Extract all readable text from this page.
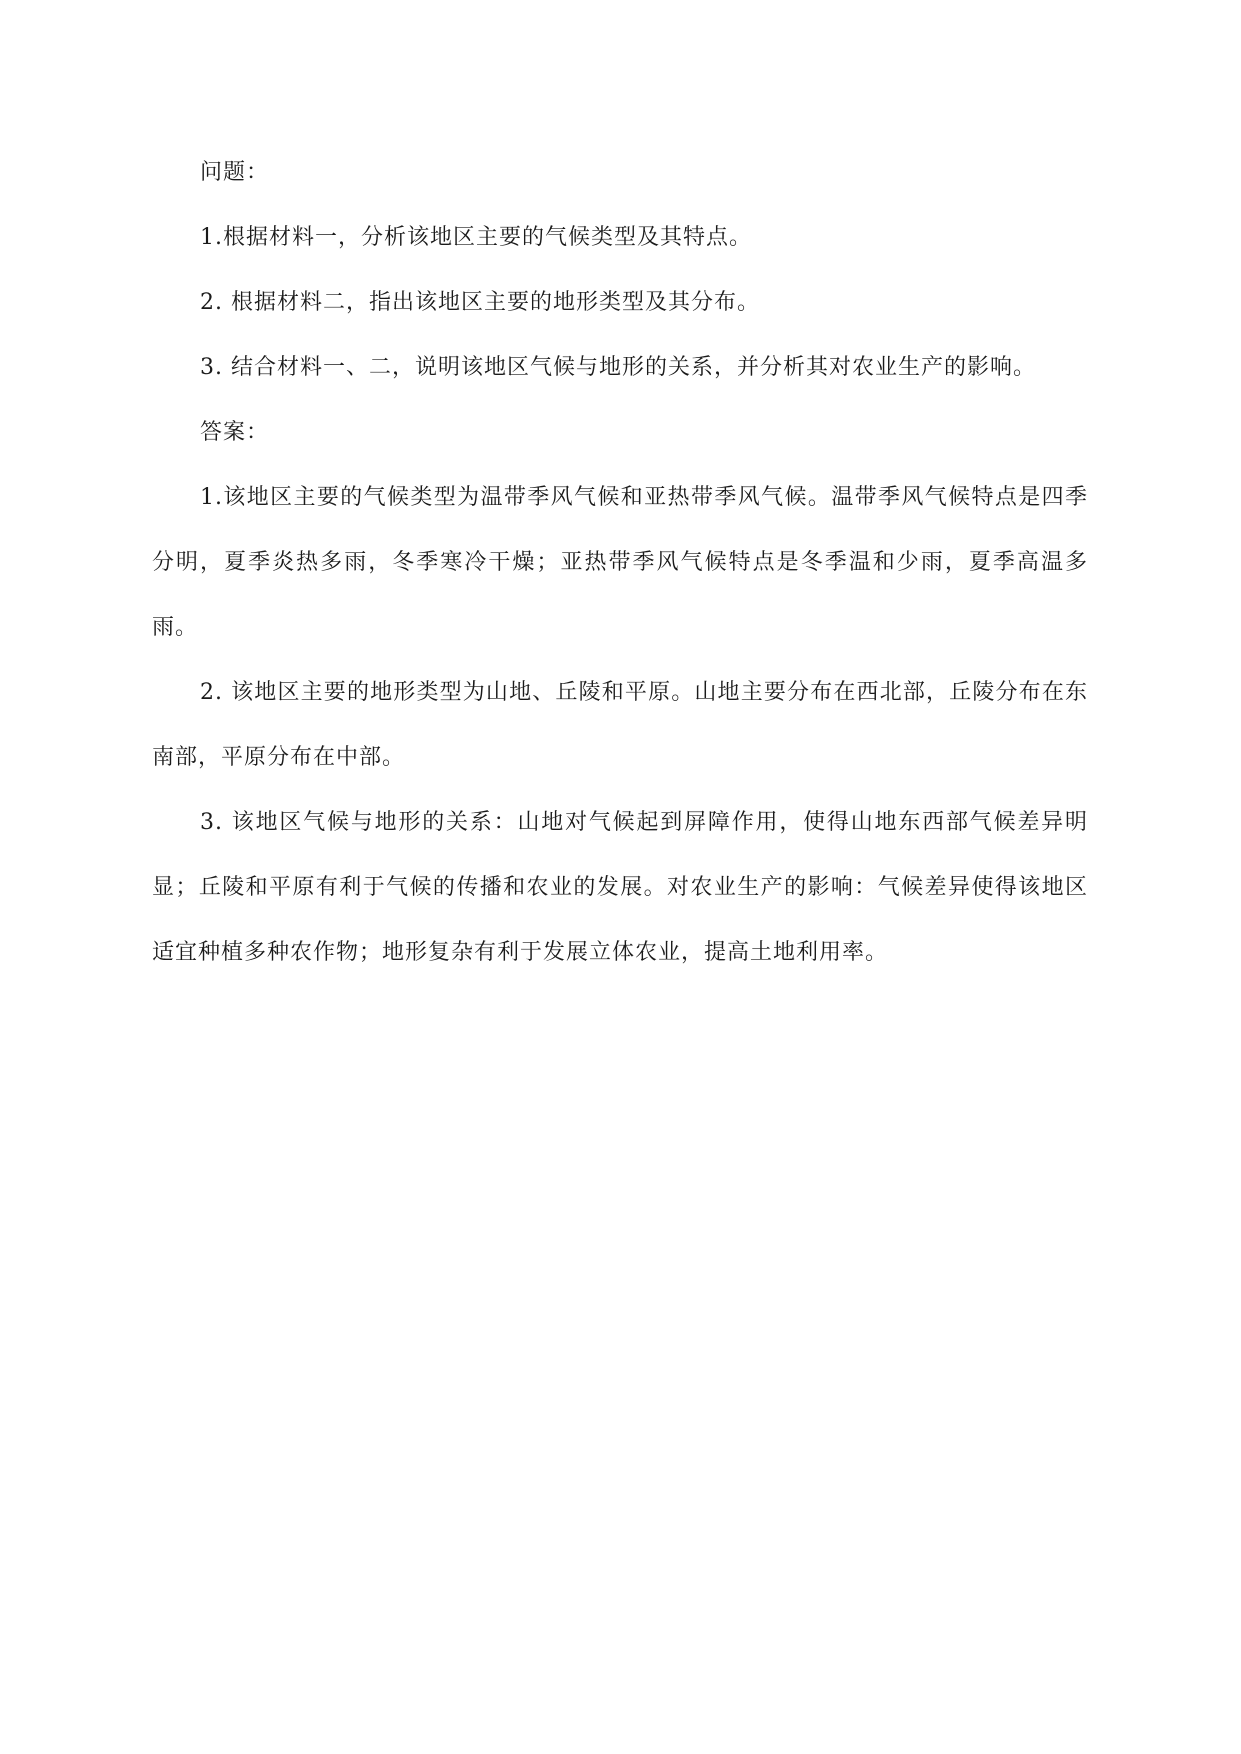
问题：

1.根据材料一，分析该地区主要的气候类型及其特点。

2. 根据材料二，指出该地区主要的地形类型及其分布。

3. 结合材料一、二，说明该地区气候与地形的关系，并分析其对农业生产的影响。

答案：

1.该地区主要的气候类型为温带季风气候和亚热带季风气候。温带季风气候特点是四季分明，夏季炎热多雨，冬季寒冷干燥；亚热带季风气候特点是冬季温和少雨，夏季高温多雨。

2. 该地区主要的地形类型为山地、丘陵和平原。山地主要分布在西北部，丘陵分布在东南部，平原分布在中部。

3. 该地区气候与地形的关系：山地对气候起到屏障作用，使得山地东西部气候差异明显；丘陵和平原有利于气候的传播和农业的发展。对农业生产的影响：气候差异使得该地区适宜种植多种农作物；地形复杂有利于发展立体农业，提高土地利用率。
